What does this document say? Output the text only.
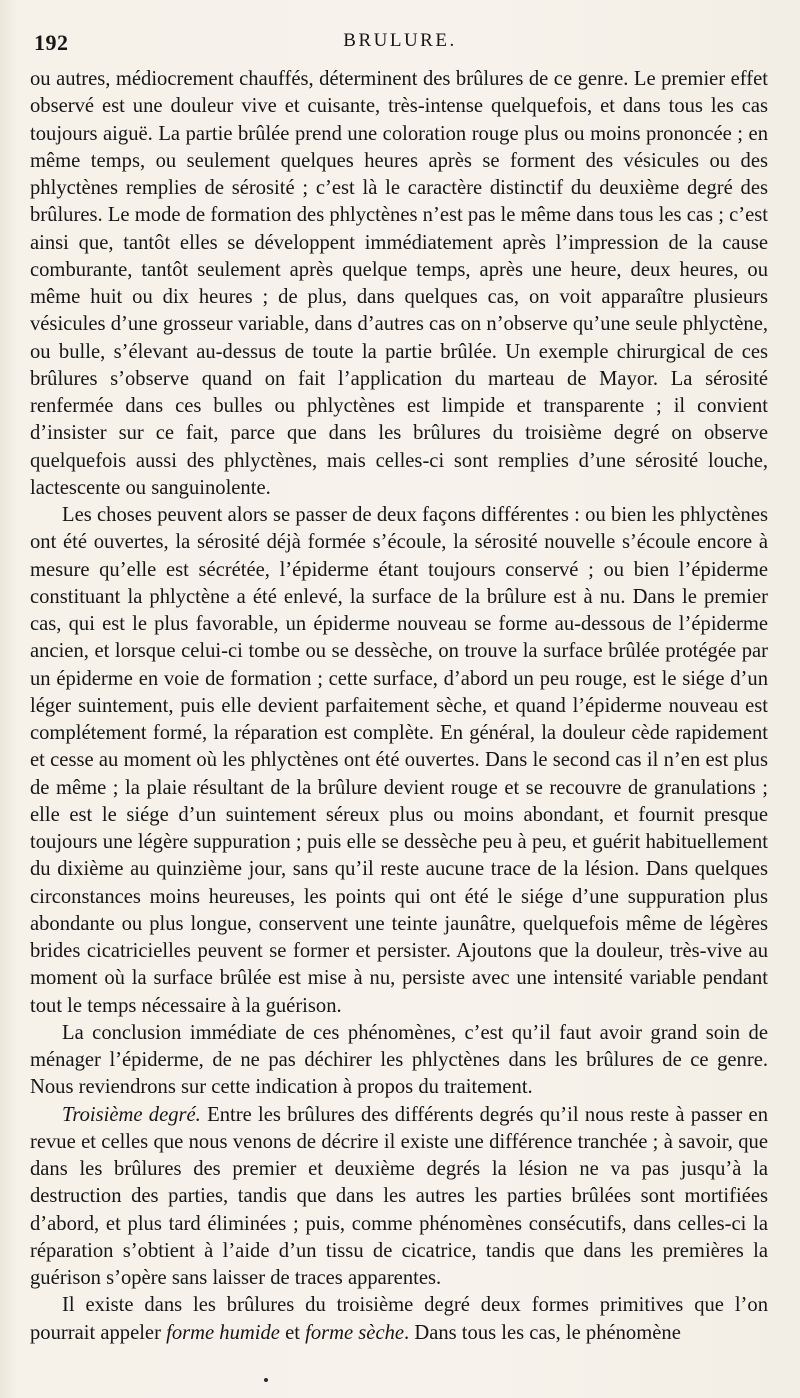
192	BRULURE.

ou autres, médiocrement chauffés, déterminent des brûlures de ce genre. Le premier effet observé est une douleur vive et cuisante, très-intense quelquefois, et dans tous les cas toujours aiguë. La partie brûlée prend une coloration rouge plus ou moins prononcée ; en même temps, ou seulement quelques heures après se forment des vésicules ou des phlyctènes remplies de sérosité ; c’est là le caractère distinctif du deuxième degré des brûlures. Le mode de formation des phlyctènes n’est pas le même dans tous les cas ; c’est ainsi que, tantôt elles se développent immédiatement après l’impression de la cause comburante, tantôt seulement après quelque temps, après une heure, deux heures, ou même huit ou dix heures ; de plus, dans quelques cas, on voit apparaître plusieurs vésicules d’une grosseur variable, dans d’autres cas on n’observe qu’une seule phlyctène, ou bulle, s’élevant au-dessus de toute la partie brûlée. Un exemple chirurgical de ces brûlures s’observe quand on fait l’application du marteau de Mayor. La sérosité renfermée dans ces bulles ou phlyctènes est limpide et transparente ; il convient d’insister sur ce fait, parce que dans les brûlures du troisième degré on observe quelquefois aussi des phlyctènes, mais celles-ci sont remplies d’une sérosité louche, lactescente ou sanguinolente.

Les choses peuvent alors se passer de deux façons différentes : ou bien les phlyctènes ont été ouvertes, la sérosité déjà formée s’écoule, la sérosité nouvelle s’écoule encore à mesure qu’elle est sécrétée, l’épiderme étant toujours conservé ; ou bien l’épiderme constituant la phlyctène a été enlevé, la surface de la brûlure est à nu. Dans le premier cas, qui est le plus favorable, un épiderme nouveau se forme au-dessous de l’épiderme ancien, et lorsque celui-ci tombe ou se dessèche, on trouve la surface brûlée protégée par un épiderme en voie de formation ; cette surface, d’abord un peu rouge, est le siége d’un léger suintement, puis elle devient parfaitement sèche, et quand l’épiderme nouveau est complétement formé, la réparation est complète. En général, la douleur cède rapidement et cesse au moment où les phlyctènes ont été ouvertes. Dans le second cas il n’en est plus de même ; la plaie résultant de la brûlure devient rouge et se recouvre de granulations ; elle est le siége d’un suintement séreux plus ou moins abondant, et fournit presque toujours une légère suppuration ; puis elle se dessèche peu à peu, et guérit habituellement du dixième au quinzième jour, sans qu’il reste aucune trace de la lésion. Dans quelques circonstances moins heureuses, les points qui ont été le siége d’une suppuration plus abondante ou plus longue, conservent une teinte jaunâtre, quelquefois même de légères brides cicatricielles peuvent se former et persister. Ajoutons que la douleur, très-vive au moment où la surface brûlée est mise à nu, persiste avec une intensité variable pendant tout le temps nécessaire à la guérison.

La conclusion immédiate de ces phénomènes, c’est qu’il faut avoir grand soin de ménager l’épiderme, de ne pas déchirer les phlyctènes dans les brûlures de ce genre. Nous reviendrons sur cette indication à propos du traitement.

Troisième degré. Entre les brûlures des différents degrés qu’il nous reste à passer en revue et celles que nous venons de décrire il existe une différence tranchée ; à savoir, que dans les brûlures des premier et deuxième degrés la lésion ne va pas jusqu’à la destruction des parties, tandis que dans les autres les parties brûlées sont mortifiées d’abord, et plus tard éliminées ; puis, comme phénomènes consécutifs, dans celles-ci la réparation s’obtient à l’aide d’un tissu de cicatrice, tandis que dans les premières la guérison s’opère sans laisser de traces apparentes.

Il existe dans les brûlures du troisième degré deux formes primitives que l’on pourrait appeler forme humide et forme sèche. Dans tous les cas, le phénomène
